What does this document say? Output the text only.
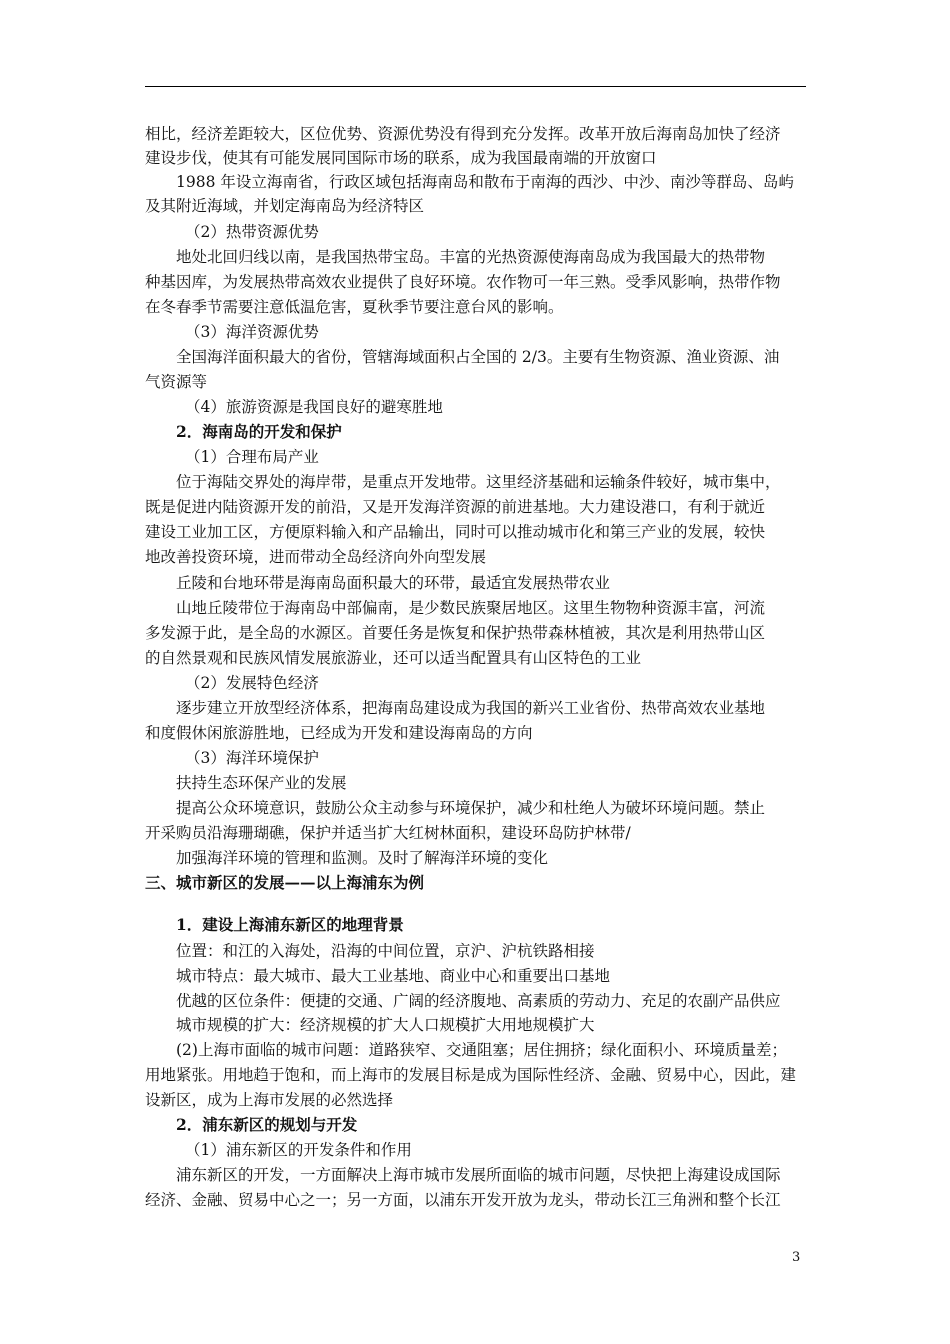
相比，经济差距较大，区位优势、资源优势没有得到充分发挥。改革开放后海南岛加快了经济
建设步伐，使其有可能发展同国际市场的联系，成为我国最南端的开放窗口
1988 年设立海南省，行政区域包括海南岛和散布于南海的西沙、中沙、南沙等群岛、岛屿
及其附近海域，并划定海南岛为经济特区
（2）热带资源优势
地处北回归线以南，是我国热带宝岛。丰富的光热资源使海南岛成为我国最大的热带物
种基因库，为发展热带高效农业提供了良好环境。农作物可一年三熟。受季风影响，热带作物
在冬春季节需要注意低温危害，夏秋季节要注意台风的影响。
（3）海洋资源优势
全国海洋面积最大的省份，管辖海域面积占全国的 2/3。主要有生物资源、渔业资源、油
气资源等
（4）旅游资源是我国良好的避寒胜地
2．海南岛的开发和保护
（1）合理布局产业
位于海陆交界处的海岸带，是重点开发地带。这里经济基础和运输条件较好，城市集中，
既是促进内陆资源开发的前沿，又是开发海洋资源的前进基地。大力建设港口，有利于就近
建设工业加工区，方便原料输入和产品输出，同时可以推动城市化和第三产业的发展，较快
地改善投资环境，进而带动全岛经济向外向型发展
丘陵和台地环带是海南岛面积最大的环带，最适宜发展热带农业
山地丘陵带位于海南岛中部偏南，是少数民族聚居地区。这里生物物种资源丰富，河流
多发源于此，是全岛的水源区。首要任务是恢复和保护热带森林植被，其次是利用热带山区
的自然景观和民族风情发展旅游业，还可以适当配置具有山区特色的工业
（2）发展特色经济
逐步建立开放型经济体系，把海南岛建设成为我国的新兴工业省份、热带高效农业基地
和度假休闲旅游胜地，已经成为开发和建设海南岛的方向
（3）海洋环境保护
扶持生态环保产业的发展
提高公众环境意识，鼓励公众主动参与环境保护，减少和杜绝人为破坏环境问题。禁止
开采购员沿海珊瑚礁，保护并适当扩大红树林面积，建设环岛防护林带/
加强海洋环境的管理和监测。及时了解海洋环境的变化
三、城市新区的发展——以上海浦东为例
1．建设上海浦东新区的地理背景
位置：和江的入海处，沿海的中间位置，京沪、沪杭铁路相接
城市特点：最大城市、最大工业基地、商业中心和重要出口基地
优越的区位条件：便捷的交通、广阔的经济腹地、高素质的劳动力、充足的农副产品供应
城市规模的扩大：经济规模的扩大人口规模扩大用地规模扩大
(2)上海市面临的城市问题：道路狭窄、交通阻塞；居住拥挤；绿化面积小、环境质量差；
用地紧张。用地趋于饱和，而上海市的发展目标是成为国际性经济、金融、贸易中心，因此，建
设新区，成为上海市发展的必然选择
2．浦东新区的规划与开发
（1）浦东新区的开发条件和作用
浦东新区的开发，一方面解决上海市城市发展所面临的城市问题，尽快把上海建设成国际
经济、金融、贸易中心之一；另一方面，以浦东开发开放为龙头，带动长江三角洲和整个长江
3
